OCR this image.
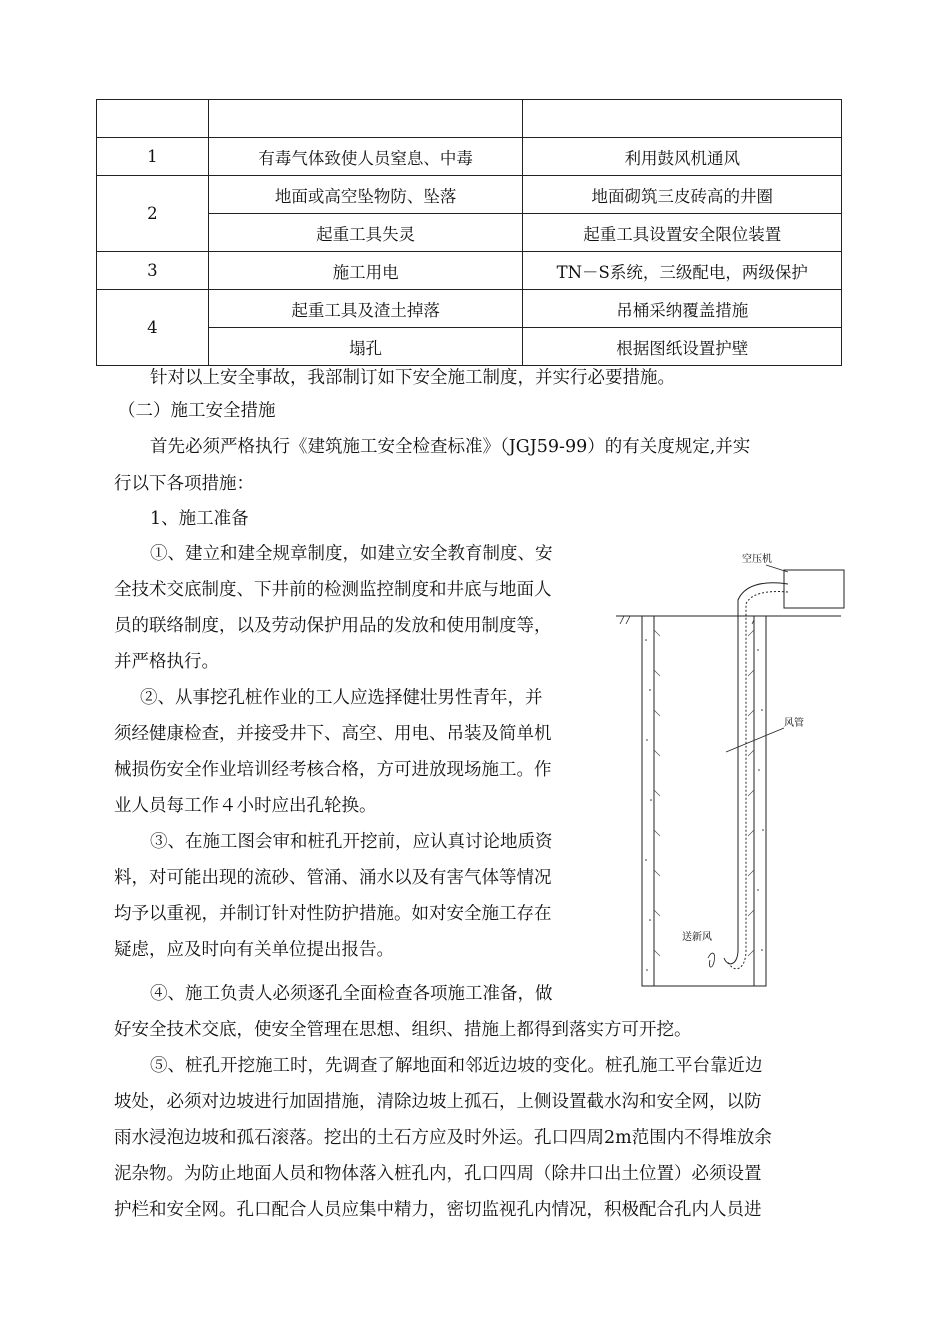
1	有毒气体致使人员窒息、中毒	利用鼓风机通风
2	地面或高空坠物防、坠落	地面砌筑三皮砖高的井圈
	起重工具失灵	起重工具设置安全限位装置
3	施工用电	TN－S系统，三级配电，两级保护
4	起重工具及渣土掉落	吊桶采纳覆盖措施
	塌孔	根据图纸设置护壁
针对以上安全事故，我部制订如下安全施工制度，并实行必要措施。
（二）施工安全措施
首先必须严格执行《建筑施工安全检查标准》（JGJ59-99）的有关度规定,并实
行以下各项措施：
1、施工准备
①、建立和建全规章制度，如建立安全教育制度、安
全技术交底制度、下井前的检测监控制度和井底与地面人
员的联络制度，以及劳动保护用品的发放和使用制度等，
并严格执行。
②、从事挖孔桩作业的工人应选择健壮男性青年，并
须经健康检查，并接受井下、高空、用电、吊装及简单机
械损伤安全作业培训经考核合格，方可进放现场施工。作
业人员每工作４小时应出孔轮换。
③、在施工图会审和桩孔开挖前，应认真讨论地质资
料，对可能出现的流砂、管涌、涌水以及有害气体等情况
均予以重视，并制订针对性防护措施。如对安全施工存在
疑虑，应及时向有关单位提出报告。
④、施工负责人必须逐孔全面检查各项施工准备，做
好安全技术交底，使安全管理在思想、组织、措施上都得到落实方可开挖。
⑤、桩孔开挖施工时，先调查了解地面和邻近边坡的变化。桩孔施工平台靠近边
坡处，必须对边坡进行加固措施，清除边坡上孤石，上侧设置截水沟和安全网，以防
雨水浸泡边坡和孤石滚落。挖出的土石方应及时外运。孔口四周2m范围内不得堆放余
泥杂物。为防止地面人员和物体落入桩孔内，孔口四周（除井口出土位置）必须设置
护栏和安全网。孔口配合人员应集中精力，密切监视孔内情况，积极配合孔内人员进
空压机
风管
送新风
